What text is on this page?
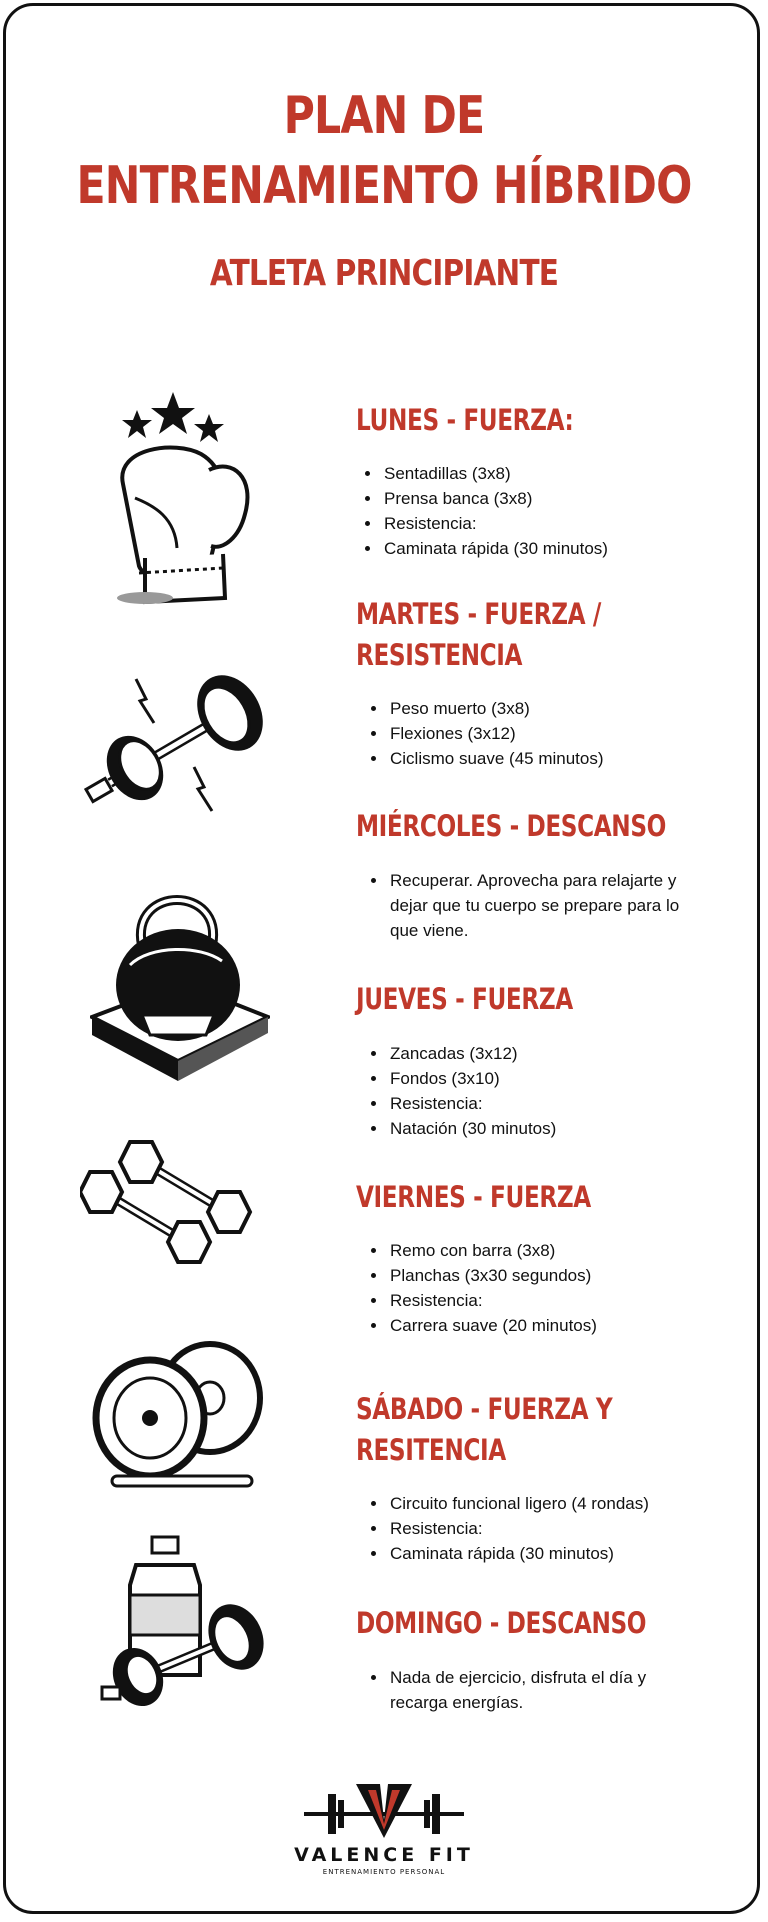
PLAN DE
ENTRENAMIENTO HÍBRIDO
ATLETA PRINCIPIANTE
LUNES - FUERZA:
• Sentadillas (3x8)
• Prensa banca (3x8)
• Resistencia:
• Caminata rápida (30 minutos)
MARTES - FUERZA /
RESISTENCIA
• Peso muerto (3x8)
• Flexiones (3x12)
• Ciclismo suave (45 minutos)
MIÉRCOLES - DESCANSO
• Recuperar. Aprovecha para relajarte y dejar que tu cuerpo se prepare para lo que viene.
JUEVES - FUERZA
• Zancadas (3x12)
• Fondos (3x10)
• Resistencia:
• Natación (30 minutos)
VIERNES - FUERZA
• Remo con barra (3x8)
• Planchas (3x30 segundos)
• Resistencia:
• Carrera suave (20 minutos)
SÁBADO - FUERZA Y
RESITENCIA
• Circuito funcional ligero (4 rondas)
• Resistencia:
• Caminata rápida (30 minutos)
DOMINGO - DESCANSO
• Nada de ejercicio, disfruta el día y recarga energías.
VALENCE FIT
ENTRENAMIENTO PERSONAL
